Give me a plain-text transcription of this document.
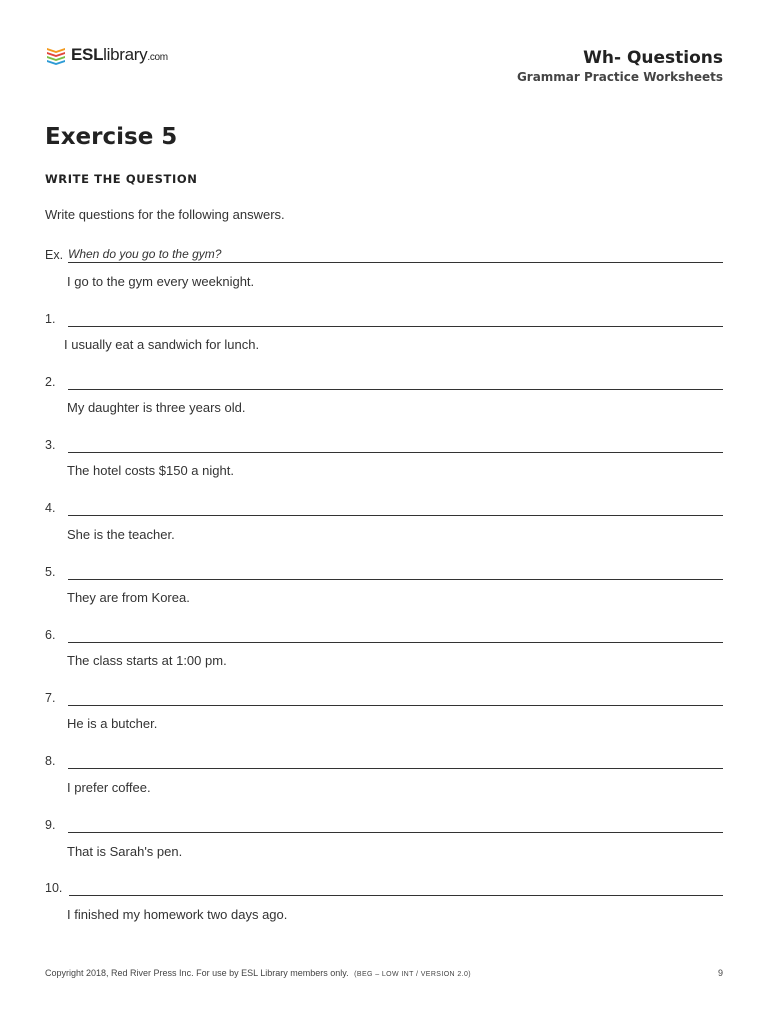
ESLlibrary.com	Wh- Questions
Grammar Practice Worksheets
Exercise 5
WRITE THE QUESTION
Write questions for the following answers.
Ex. When do you go to the gym?
I go to the gym every weeknight.
1.
I usually eat a sandwich for lunch.
2.
My daughter is three years old.
3.
The hotel costs $150 a night.
4.
She is the teacher.
5.
They are from Korea.
6.
The class starts at 1:00 pm.
7.
He is a butcher.
8.
I prefer coffee.
9.
That is Sarah's pen.
10.
I finished my homework two days ago.
Copyright 2018, Red River Press Inc. For use by ESL Library members only. (BEG – LOW INT / VERSION 2.0)	9
